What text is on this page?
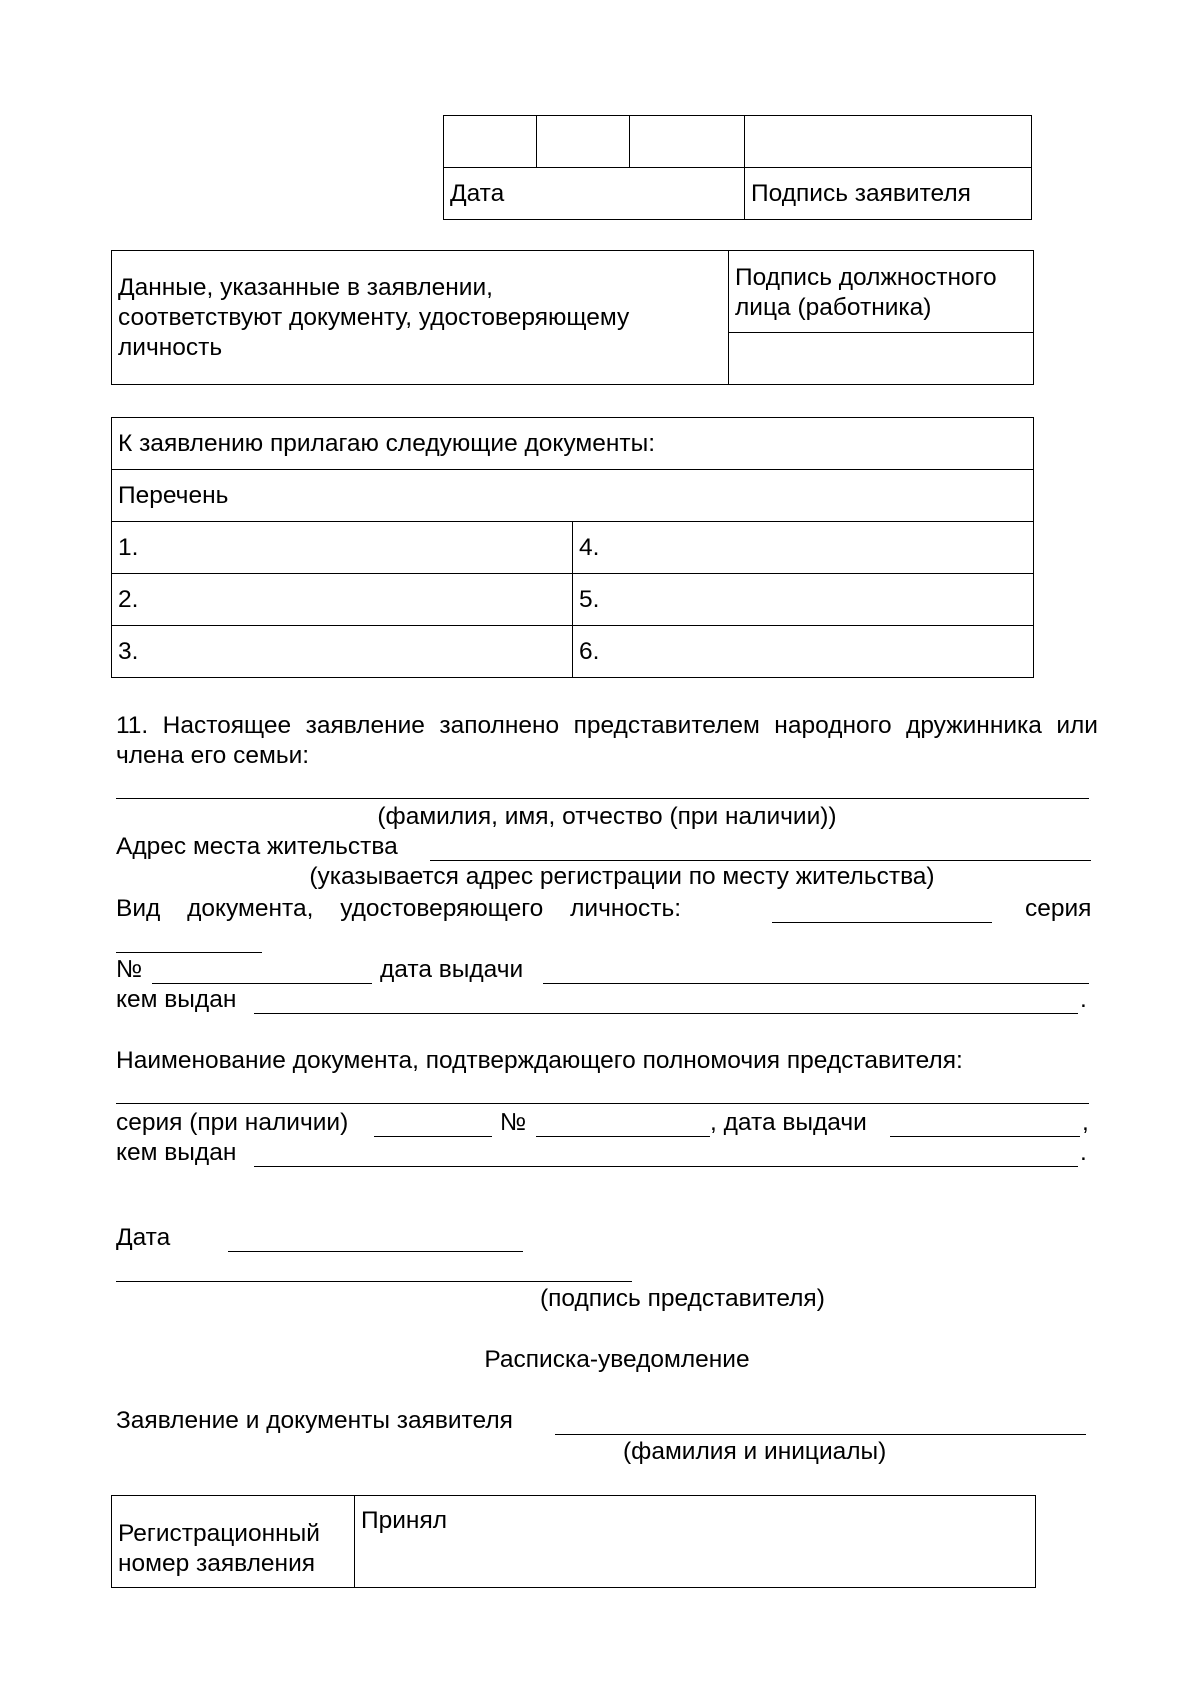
Дата			Подпись заявителя
Данные, указанные в заявлении, соответствуют документу, удостоверяющему личность	Подпись должностного лица (работника)

К заявлению прилагаю следующие документы:	
Перечень	
1.	4.
2.	5.
3.	6.
11. Настоящее заявление заполнено представителем народного дружинника или члена его семьи:
(фамилия, имя, отчество (при наличии))
Адрес места жительства
(указывается адрес регистрации по месту жительства)
Вид документа, удостоверяющего личность:	серия
№	дата выдачи
кем выдан	.
Наименование документа, подтверждающего полномочия представителя:
серия (при наличии)	№	, дата выдачи	,
кем выдан	.
Дата
(подпись представителя)
Расписка-уведомление
Заявление и документы заявителя
(фамилия и инициалы)
Регистрационный номер заявления	Принял
